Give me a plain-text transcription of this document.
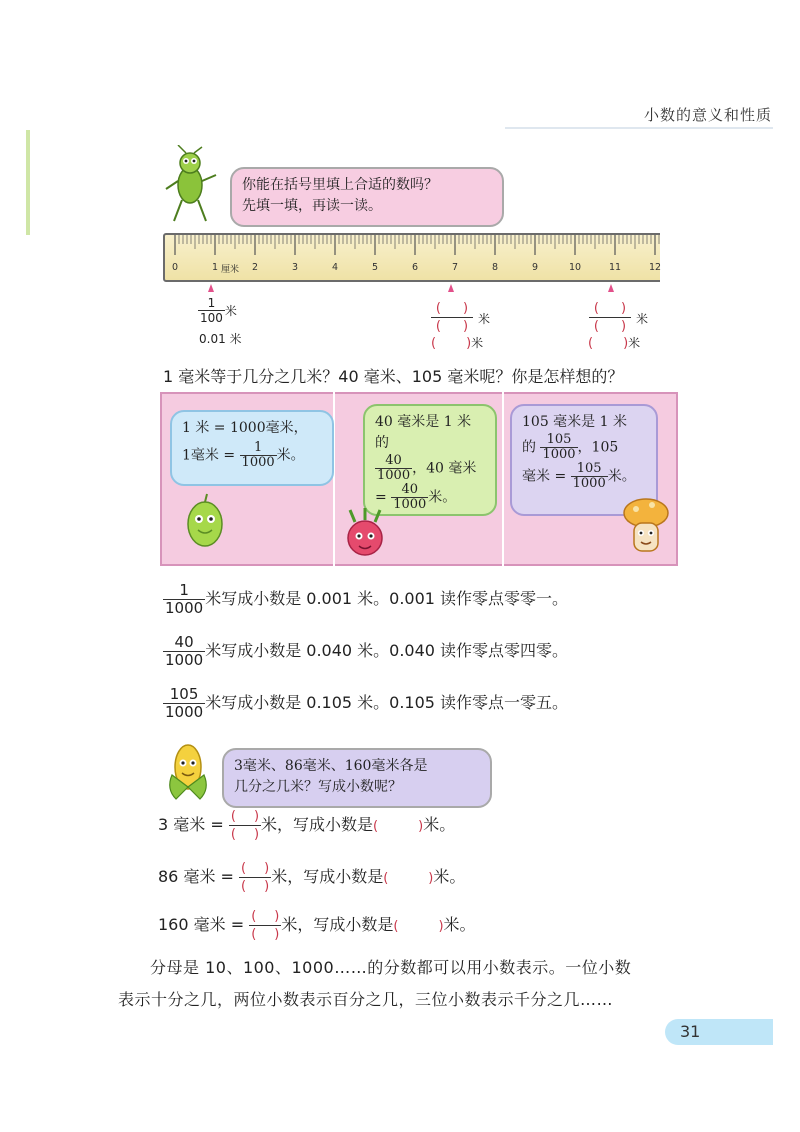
小数的意义和性质
你能在括号里填上合适的数吗？
先填一填，再读一读。
0	1	2	3	4	5	6	7	8	9	10	11	12
厘米
$\frac{1}{100}$ 米
0.01 米
( )
( ) 米
( )米
( )
( ) 米
( )米
1 毫米等于几分之几米？40 毫米、105 毫米呢？你是怎样想的？
1 米 = 1000毫米，
1毫米 = $\frac{1}{1000}$ 米。
40 毫米是 1 米的
$\frac{40}{1000}$ ，40 毫米
= $\frac{40}{1000}$ 米。
105 毫米是 1 米
的 $\frac{105}{1000}$ ，105
毫米 = $\frac{105}{1000}$ 米。
$\frac{1}{1000}$ 米写成小数是 0.001 米。0.001 读作零点零零一。
$\frac{40}{1000}$ 米写成小数是 0.040 米。0.040 读作零点零四零。
$\frac{105}{1000}$ 米写成小数是 0.105 米。0.105 读作零点一零五。
3毫米、86毫米、160毫米各是
几分之几米？写成小数呢？
3 毫米 = $\frac{( )}{( )}$ 米，写成小数是(	)米。
86 毫米 = $\frac{( )}{( )}$ 米，写成小数是(	)米。
160 毫米 = $\frac{( )}{( )}$ 米，写成小数是(	)米。
分母是 10、100、1000……的分数都可以用小数表示。一位小数
表示十分之几，两位小数表示百分之几，三位小数表示千分之几……
31
